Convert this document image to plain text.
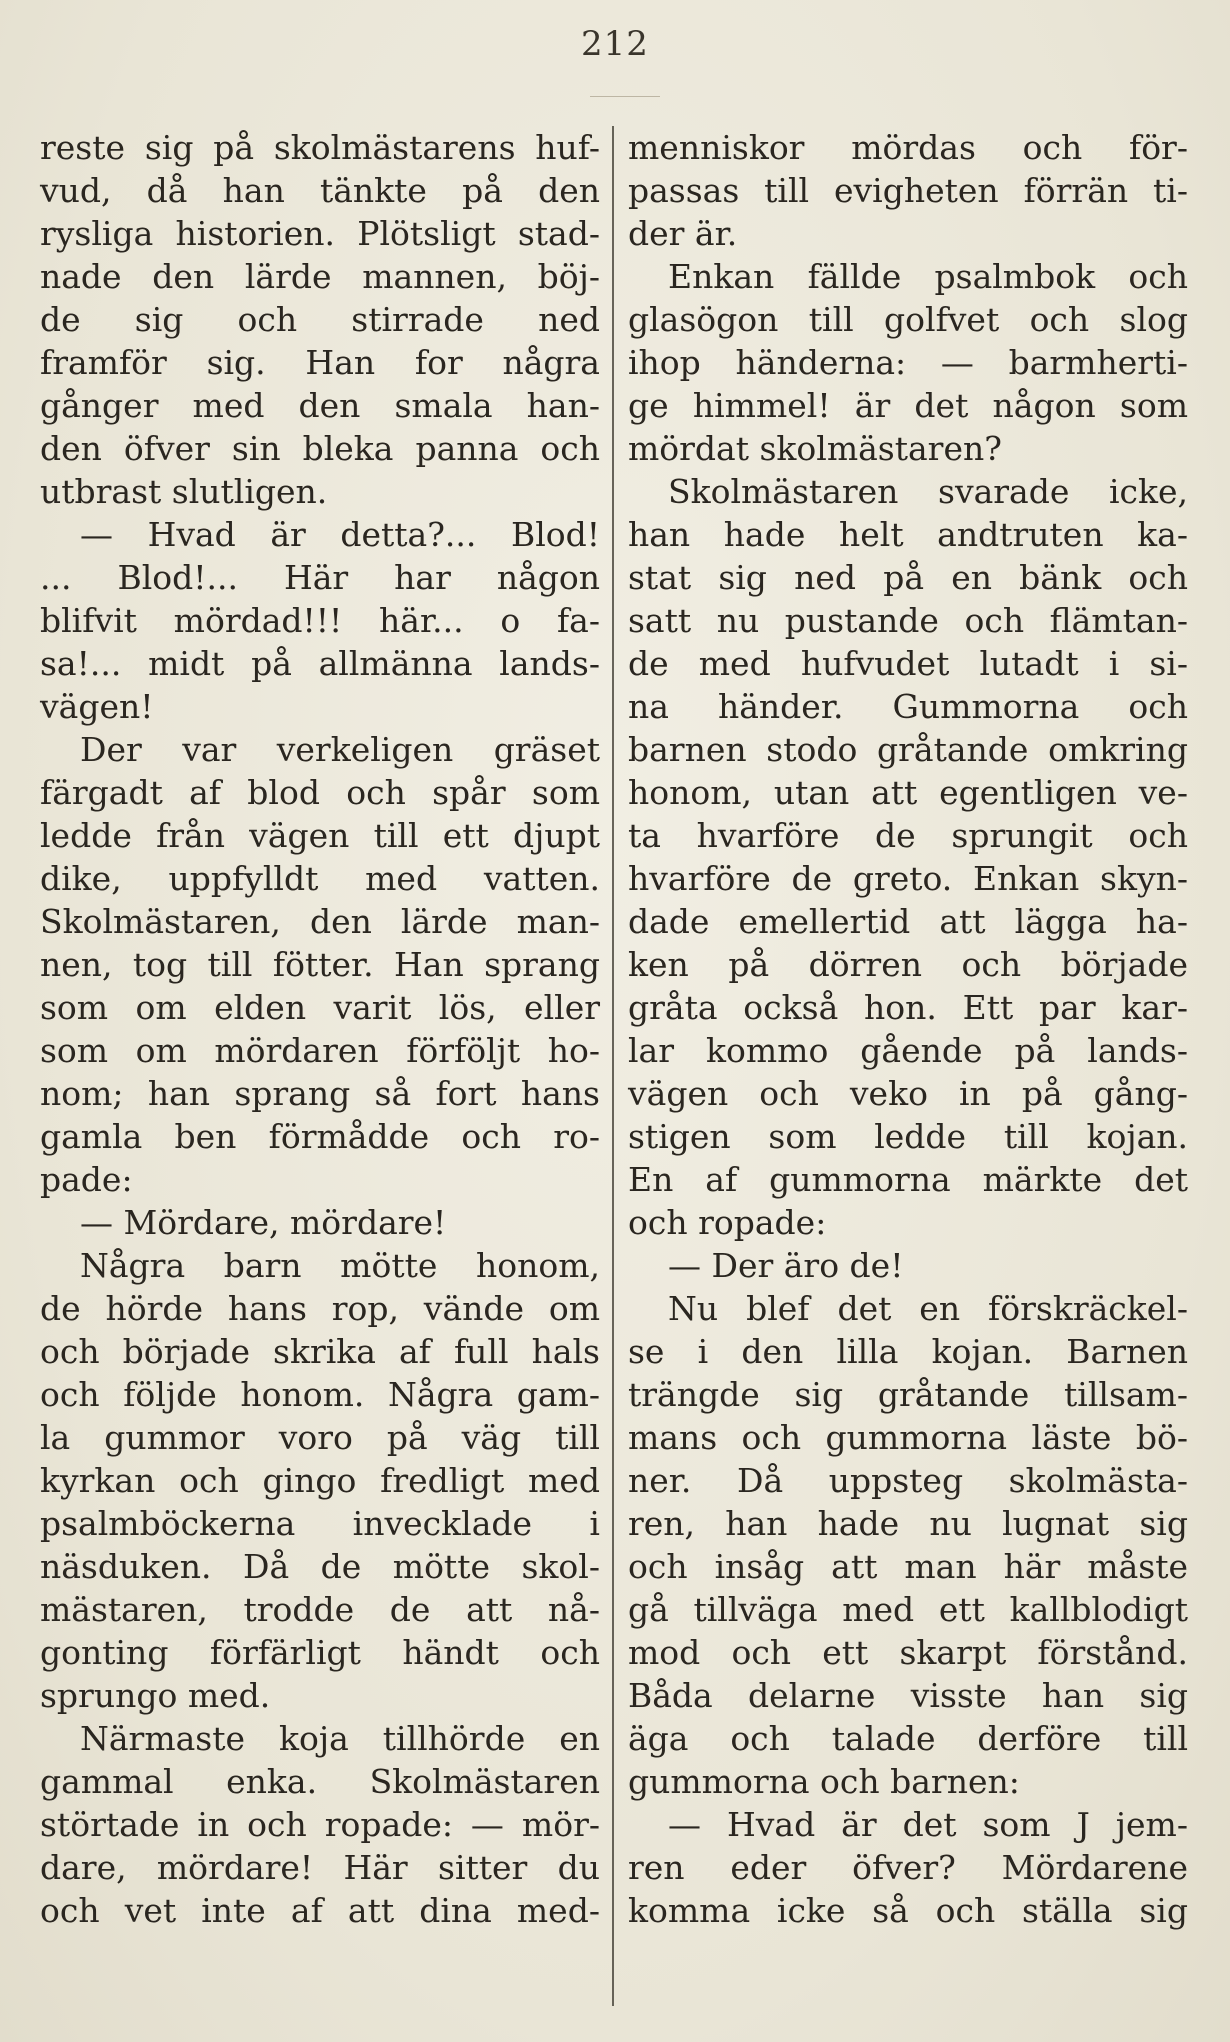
212
reste sig på skolmästarens huf-
vud, då han tänkte på den
rysliga historien. Plötsligt stad-
nade den lärde mannen, böj-
de sig och stirrade ned
framför sig. Han for några
gånger med den smala han-
den öfver sin bleka panna och
utbrast slutligen.
— Hvad är detta?... Blod!
... Blod!... Här har någon
blifvit mördad!!! här... o fa-
sa!... midt på allmänna lands-
vägen!
Der var verkeligen gräset
färgadt af blod och spår som
ledde från vägen till ett djupt
dike, uppfylldt med vatten.
Skolmästaren, den lärde man-
nen, tog till fötter. Han sprang
som om elden varit lös, eller
som om mördaren förföljt ho-
nom; han sprang så fort hans
gamla ben förmådde och ro-
pade:
— Mördare, mördare!
Några barn mötte honom,
de hörde hans rop, vände om
och började skrika af full hals
och följde honom. Några gam-
la gummor voro på väg till
kyrkan och gingo fredligt med
psalmböckerna invecklade i
näsduken. Då de mötte skol-
mästaren, trodde de att nå-
gonting förfärligt händt och
sprungo med.
Närmaste koja tillhörde en
gammal enka. Skolmästaren
störtade in och ropade: — mör-
dare, mördare! Här sitter du
och vet inte af att dina med-
menniskor mördas och för-
passas till evigheten förrän ti-
der är.
Enkan fällde psalmbok och
glasögon till golfvet och slog
ihop händerna: — barmherti-
ge himmel! är det någon som
mördat skolmästaren?
Skolmästaren svarade icke,
han hade helt andtruten ka-
stat sig ned på en bänk och
satt nu pustande och flämtan-
de med hufvudet lutadt i si-
na händer. Gummorna och
barnen stodo gråtande omkring
honom, utan att egentligen ve-
ta hvarföre de sprungit och
hvarföre de greto. Enkan skyn-
dade emellertid att lägga ha-
ken på dörren och började
gråta också hon. Ett par kar-
lar kommo gående på lands-
vägen och veko in på gång-
stigen som ledde till kojan.
En af gummorna märkte det
och ropade:
— Der äro de!
Nu blef det en förskräckel-
se i den lilla kojan. Barnen
trängde sig gråtande tillsam-
mans och gummorna läste bö-
ner. Då uppsteg skolmästa-
ren, han hade nu lugnat sig
och insåg att man här måste
gå tillväga med ett kallblodigt
mod och ett skarpt förstånd.
Båda delarne visste han sig
äga och talade derföre till
gummorna och barnen:
— Hvad är det som J jem-
ren eder öfver? Mördarene
komma icke så och ställa sig
